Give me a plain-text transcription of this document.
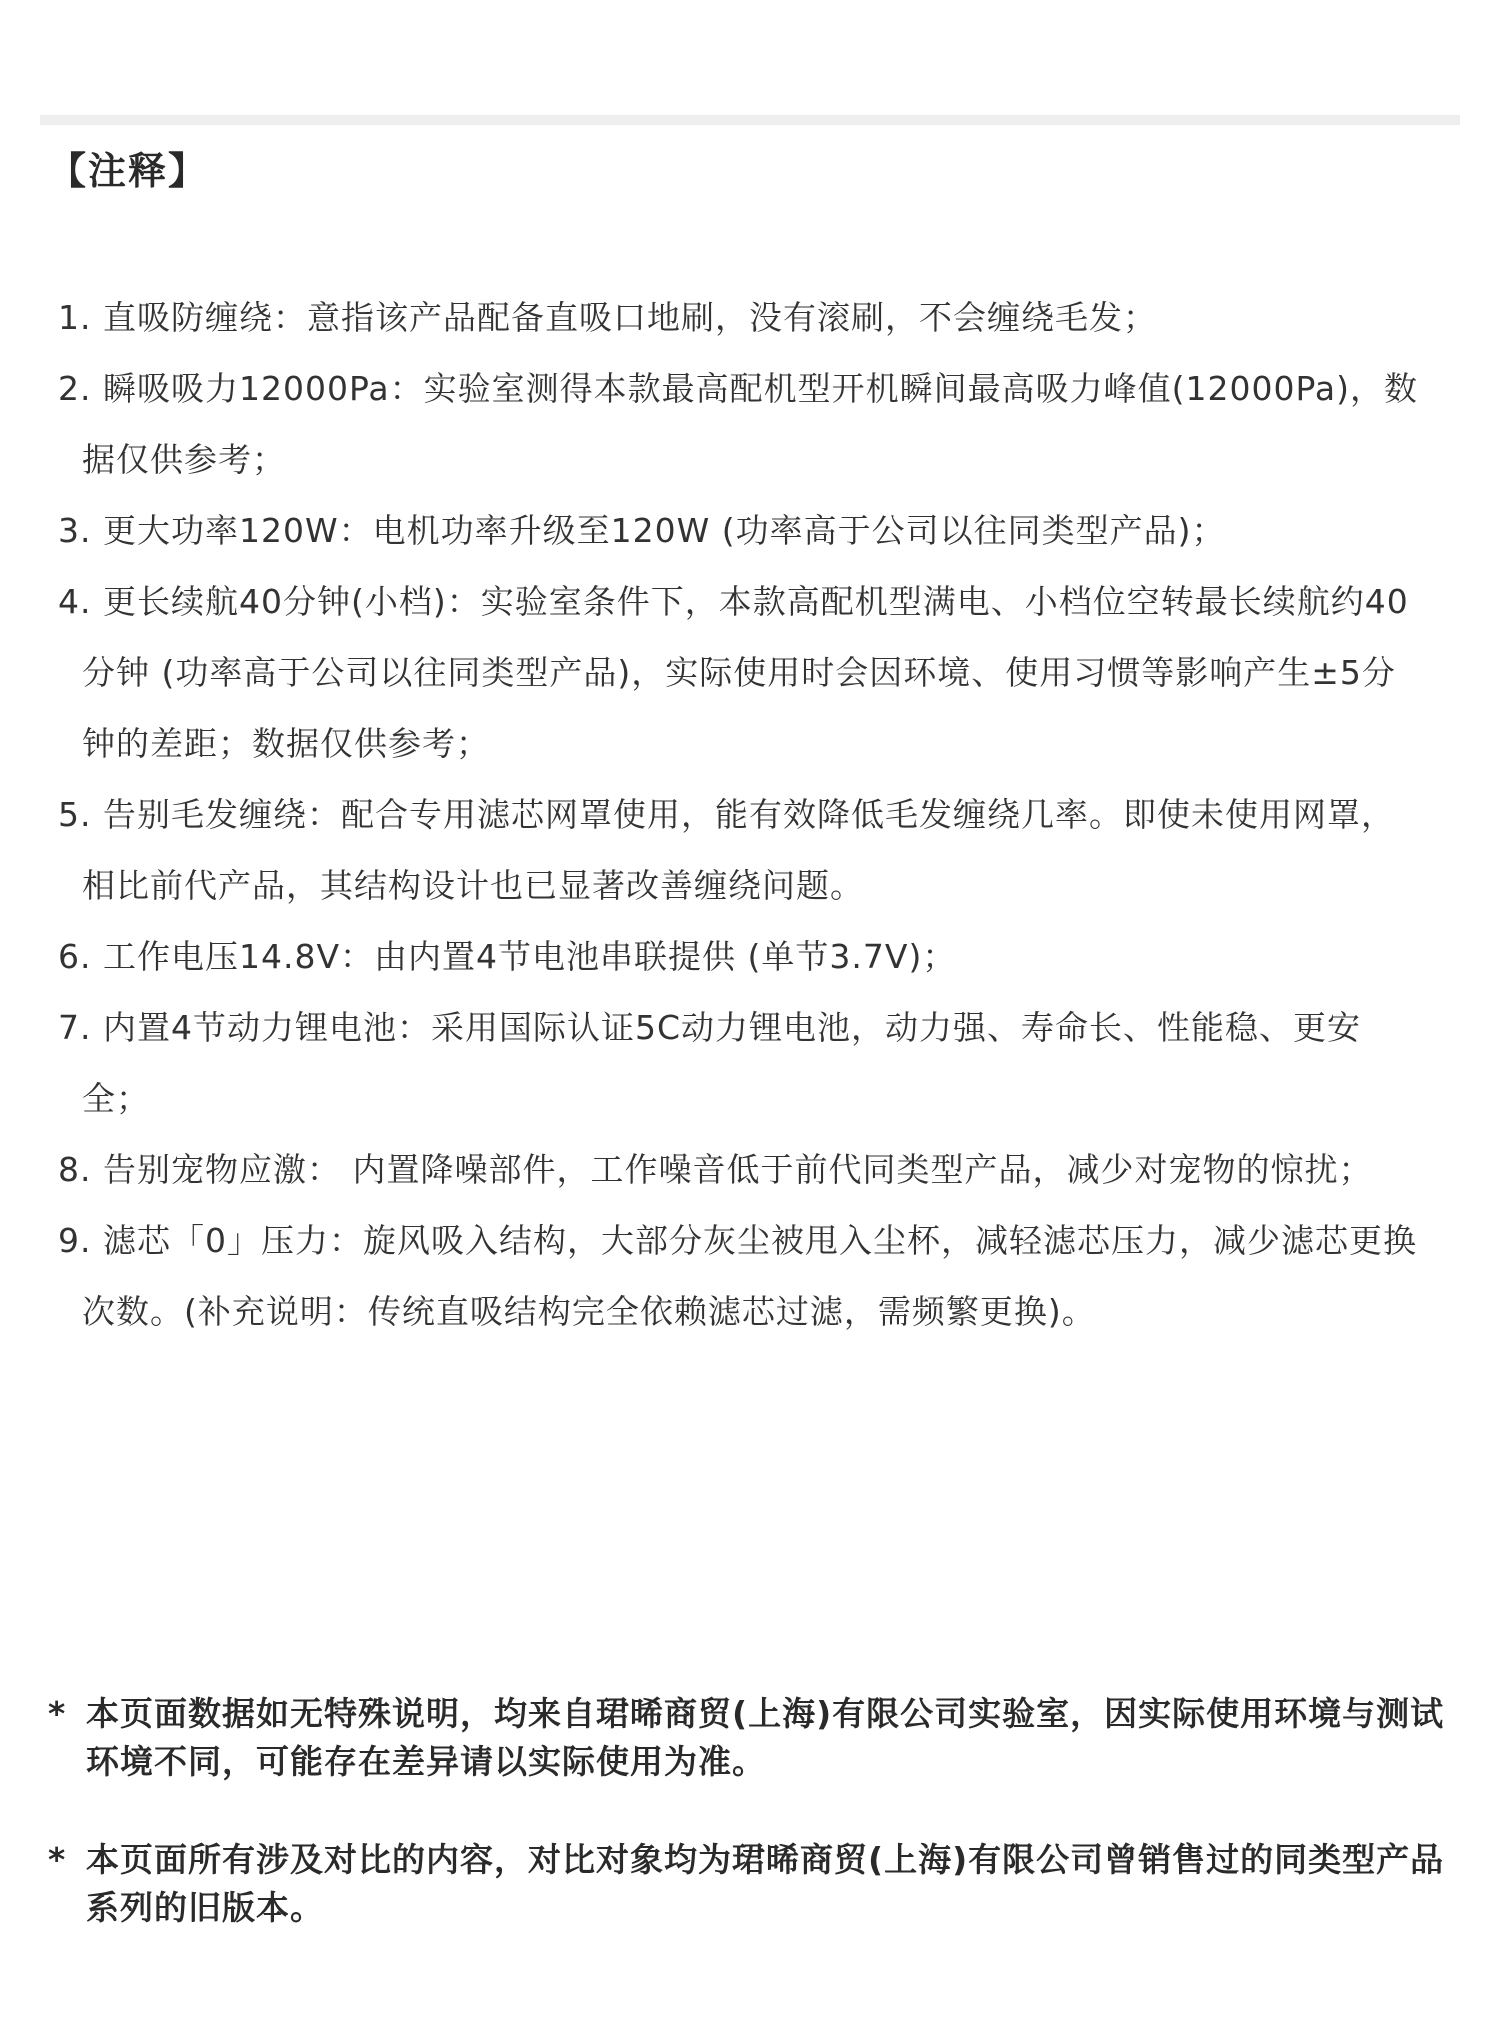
【注释】
1. 直吸防缠绕：意指该产品配备直吸口地刷，没有滚刷，不会缠绕毛发；
2. 瞬吸吸力12000Pa：实验室测得本款最高配机型开机瞬间最高吸力峰值(12000Pa)，数据仅供参考；
3. 更大功率120W：电机功率升级至120W (功率高于公司以往同类型产品)；
4. 更长续航40分钟(小档)：实验室条件下，本款高配机型满电、小档位空转最长续航约40分钟 (功率高于公司以往同类型产品)，实际使用时会因环境、使用习惯等影响产生±5分钟的差距；数据仅供参考；
5. 告别毛发缠绕：配合专用滤芯网罩使用，能有效降低毛发缠绕几率。即使未使用网罩，相比前代产品，其结构设计也已显著改善缠绕问题。
6. 工作电压14.8V：由内置4节电池串联提供 (单节3.7V)；
7. 内置4节动力锂电池：采用国际认证5C动力锂电池，动力强、寿命长、性能稳、更安全；
8. 告别宠物应激： 内置降噪部件，工作噪音低于前代同类型产品，减少对宠物的惊扰；
9. 滤芯「0」压力：旋风吸入结构，大部分灰尘被甩入尘杯，减轻滤芯压力，减少滤芯更换次数。(补充说明：传统直吸结构完全依赖滤芯过滤，需频繁更换)。
* 本页面数据如无特殊说明，均来自珺晞商贸(上海)有限公司实验室，因实际使用环境与测试环境不同，可能存在差异请以实际使用为准。
* 本页面所有涉及对比的内容，对比对象均为珺晞商贸(上海)有限公司曾销售过的同类型产品系列的旧版本。
